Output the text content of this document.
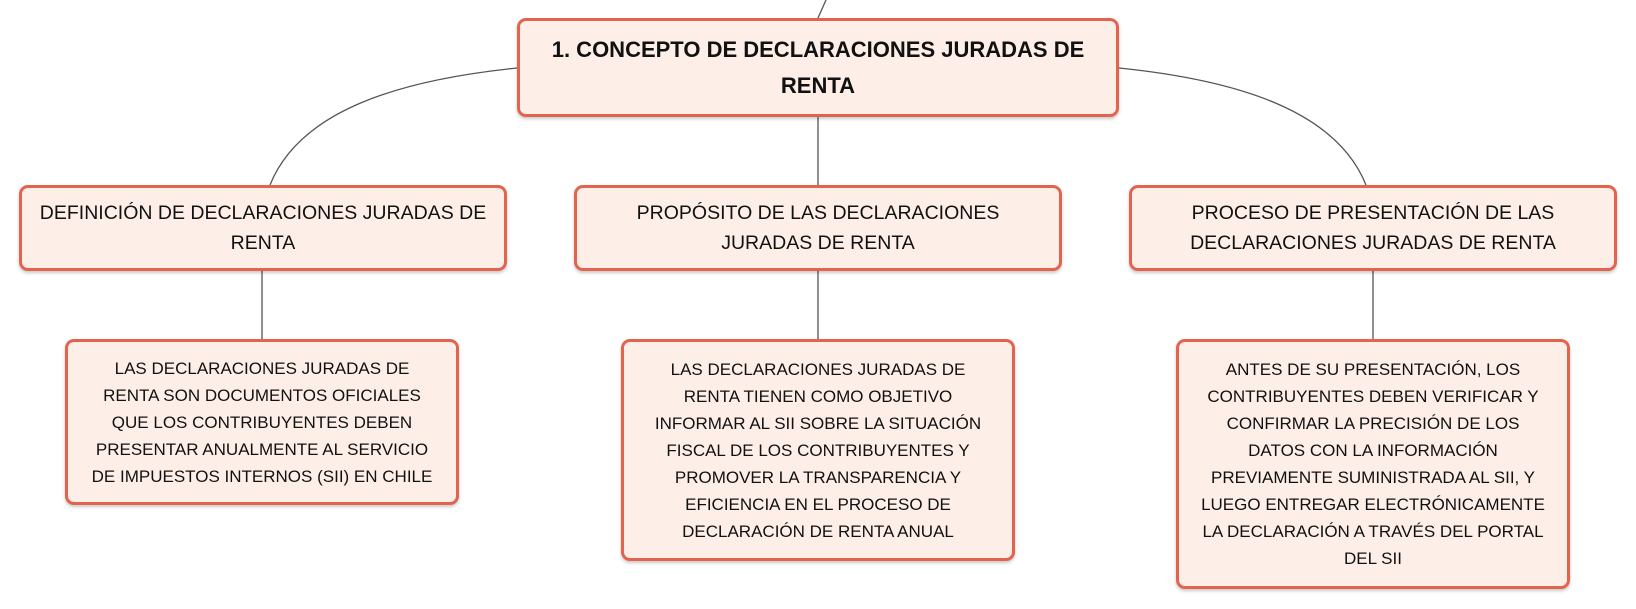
1. CONCEPTO DE DECLARACIONES JURADAS DE RENTA
DEFINICIÓN DE DECLARACIONES JURADAS DE RENTA
PROPÓSITO DE LAS DECLARACIONES JURADAS DE RENTA
PROCESO DE PRESENTACIÓN DE LAS DECLARACIONES JURADAS DE RENTA
LAS DECLARACIONES JURADAS DE RENTA SON DOCUMENTOS OFICIALES QUE LOS CONTRIBUYENTES DEBEN PRESENTAR ANUALMENTE AL SERVICIO DE IMPUESTOS INTERNOS (SII) EN CHILE
LAS DECLARACIONES JURADAS DE RENTA TIENEN COMO OBJETIVO INFORMAR AL SII SOBRE LA SITUACIÓN FISCAL DE LOS CONTRIBUYENTES Y PROMOVER LA TRANSPARENCIA Y EFICIENCIA EN EL PROCESO DE DECLARACIÓN DE RENTA ANUAL
ANTES DE SU PRESENTACIÓN, LOS CONTRIBUYENTES DEBEN VERIFICAR Y CONFIRMAR LA PRECISIÓN DE LOS DATOS CON LA INFORMACIÓN PREVIAMENTE SUMINISTRADA AL SII, Y LUEGO ENTREGAR ELECTRÓNICAMENTE LA DECLARACIÓN A TRAVÉS DEL PORTAL DEL SII
